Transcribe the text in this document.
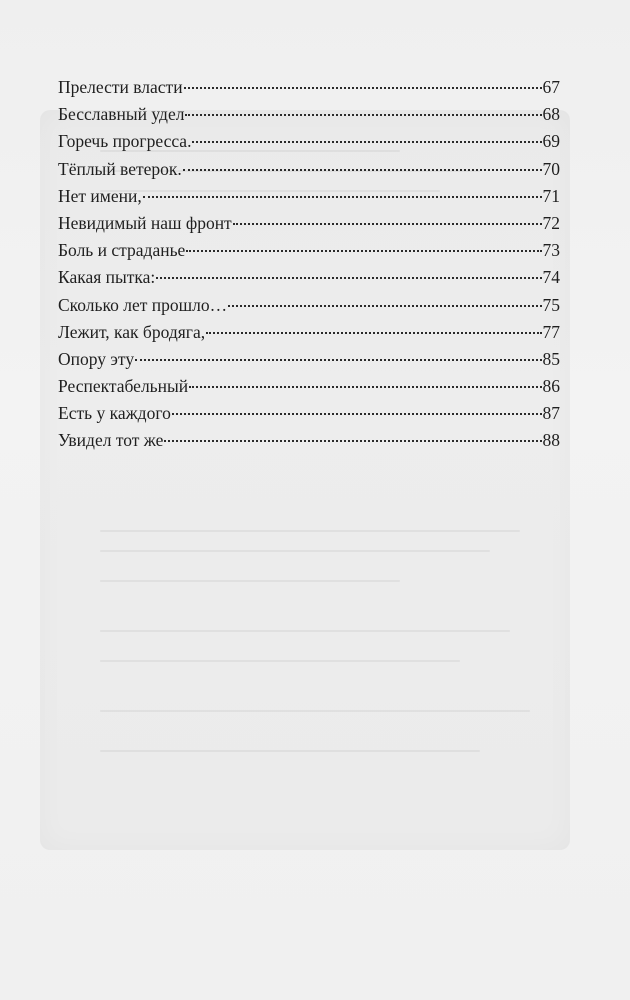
Прелести власти	67
Бесславный удел	68
Горечь прогресса.	69
Тёплый ветерок.	70
Нет имени,	71
Невидимый наш фронт	72
Боль и страданье	73
Какая пытка:	74
Сколько лет прошло…	75
Лежит, как бродяга,	77
Опору эту	85
Респектабельный	86
Есть у каждого	87
Увидел тот же	88
